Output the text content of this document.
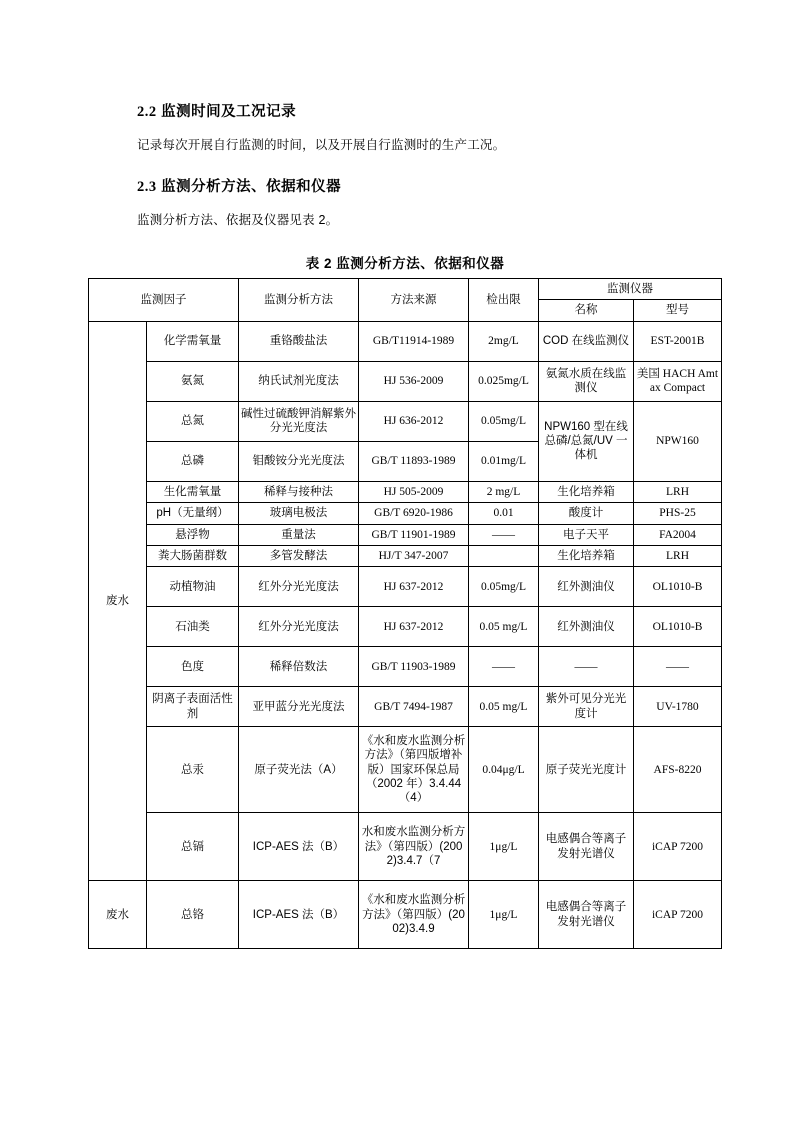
2.2 监测时间及工况记录

记录每次开展自行监测的时间，以及开展自行监测时的生产工况。

2.3 监测分析方法、依据和仪器

监测分析方法、依据及仪器见表 2。

表 2 监测分析方法、依据和仪器
监测因子		监测分析方法	方法来源	检出限	监测仪器	
					名称	型号
废水	化学需氧量	重铬酸盐法	GB/T11914-1989	2mg/L	COD 在线监测仪	EST-2001B
	氨氮	纳氏试剂光度法	HJ 536-2009	0.025mg/L	氨氮水质在线监测仪	美国 HACH Amtax Compact
	总氮	碱性过硫酸钾消解紫外分光光度法	HJ 636-2012	0.05mg/L	NPW160 型在线总磷/总氮/UV 一体机	NPW160
	总磷	钼酸铵分光光度法	GB/T 11893-1989	0.01mg/L		
	生化需氧量	稀释与接种法	HJ 505-2009	2 mg/L	生化培养箱	LRH
	pH（无量纲）	玻璃电极法	GB/T 6920-1986	0.01	酸度计	PHS-25
	悬浮物	重量法	GB/T 11901-1989	——	电子天平	FA2004
	粪大肠菌群数	多管发酵法	HJ/T 347-2007		生化培养箱	LRH
	动植物油	红外分光光度法	HJ 637-2012	0.05mg/L	红外测油仪	OL1010-B
	石油类	红外分光光度法	HJ 637-2012	0.05 mg/L	红外测油仪	OL1010-B
	色度	稀释倍数法	GB/T 11903-1989	——	——	——
	阴离子表面活性剂	亚甲蓝分光光度法	GB/T 7494-1987	0.05 mg/L	紫外可见分光光度计	UV-1780
	总汞	原子荧光法（A）	《水和废水监测分析方法》（第四版增补版）国家环保总局（2002 年）3.4.44（4）	0.04μg/L	原子荧光光度计	AFS-8220
	总镉	ICP-AES 法（B）	水和废水监测分析方法》（第四版）(2002)3.4.7（7	1μg/L	电感偶合等离子发射光谱仪	iCAP 7200
废水	总铬	ICP-AES 法（B）	《水和废水监测分析方法》（第四版）(2002)3.4.9	1μg/L	电感偶合等离子发射光谱仪	iCAP 7200
